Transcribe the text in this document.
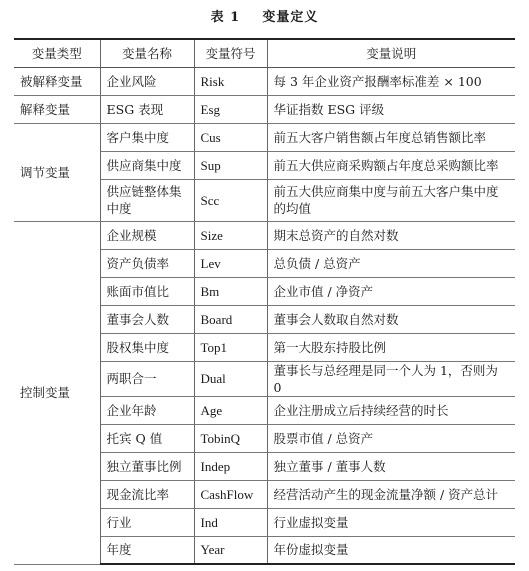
表 1 变量定义
变量类型	变量名称	变量符号	变量说明
被解释变量	企业风险	Risk	每 3 年企业资产报酬率标准差 × 100
解释变量	ESG 表现	Esg	华证指数 ESG 评级
调节变量	客户集中度	Cus	前五大客户销售额占年度总销售额比率
	供应商集中度	Sup	前五大供应商采购额占年度总采购额比率
	供应链整体集中度	Scc	前五大供应商集中度与前五大客户集中度的均值
控制变量	企业规模	Size	期末总资产的自然对数
	资产负债率	Lev	总负债 / 总资产
	账面市值比	Bm	企业市值 / 净资产
	董事会人数	Board	董事会人数取自然对数
	股权集中度	Top1	第一大股东持股比例
	两职合一	Dual	董事长与总经理是同一个人为 1，否则为 0
	企业年龄	Age	企业注册成立后持续经营的时长
	托宾 Q 值	TobinQ	股票市值 / 总资产
	独立董事比例	Indep	独立董事 / 董事人数
	现金流比率	CashFlow	经营活动产生的现金流量净额 / 资产总计
	行业	Ind	行业虚拟变量
	年度	Year	年份虚拟变量
